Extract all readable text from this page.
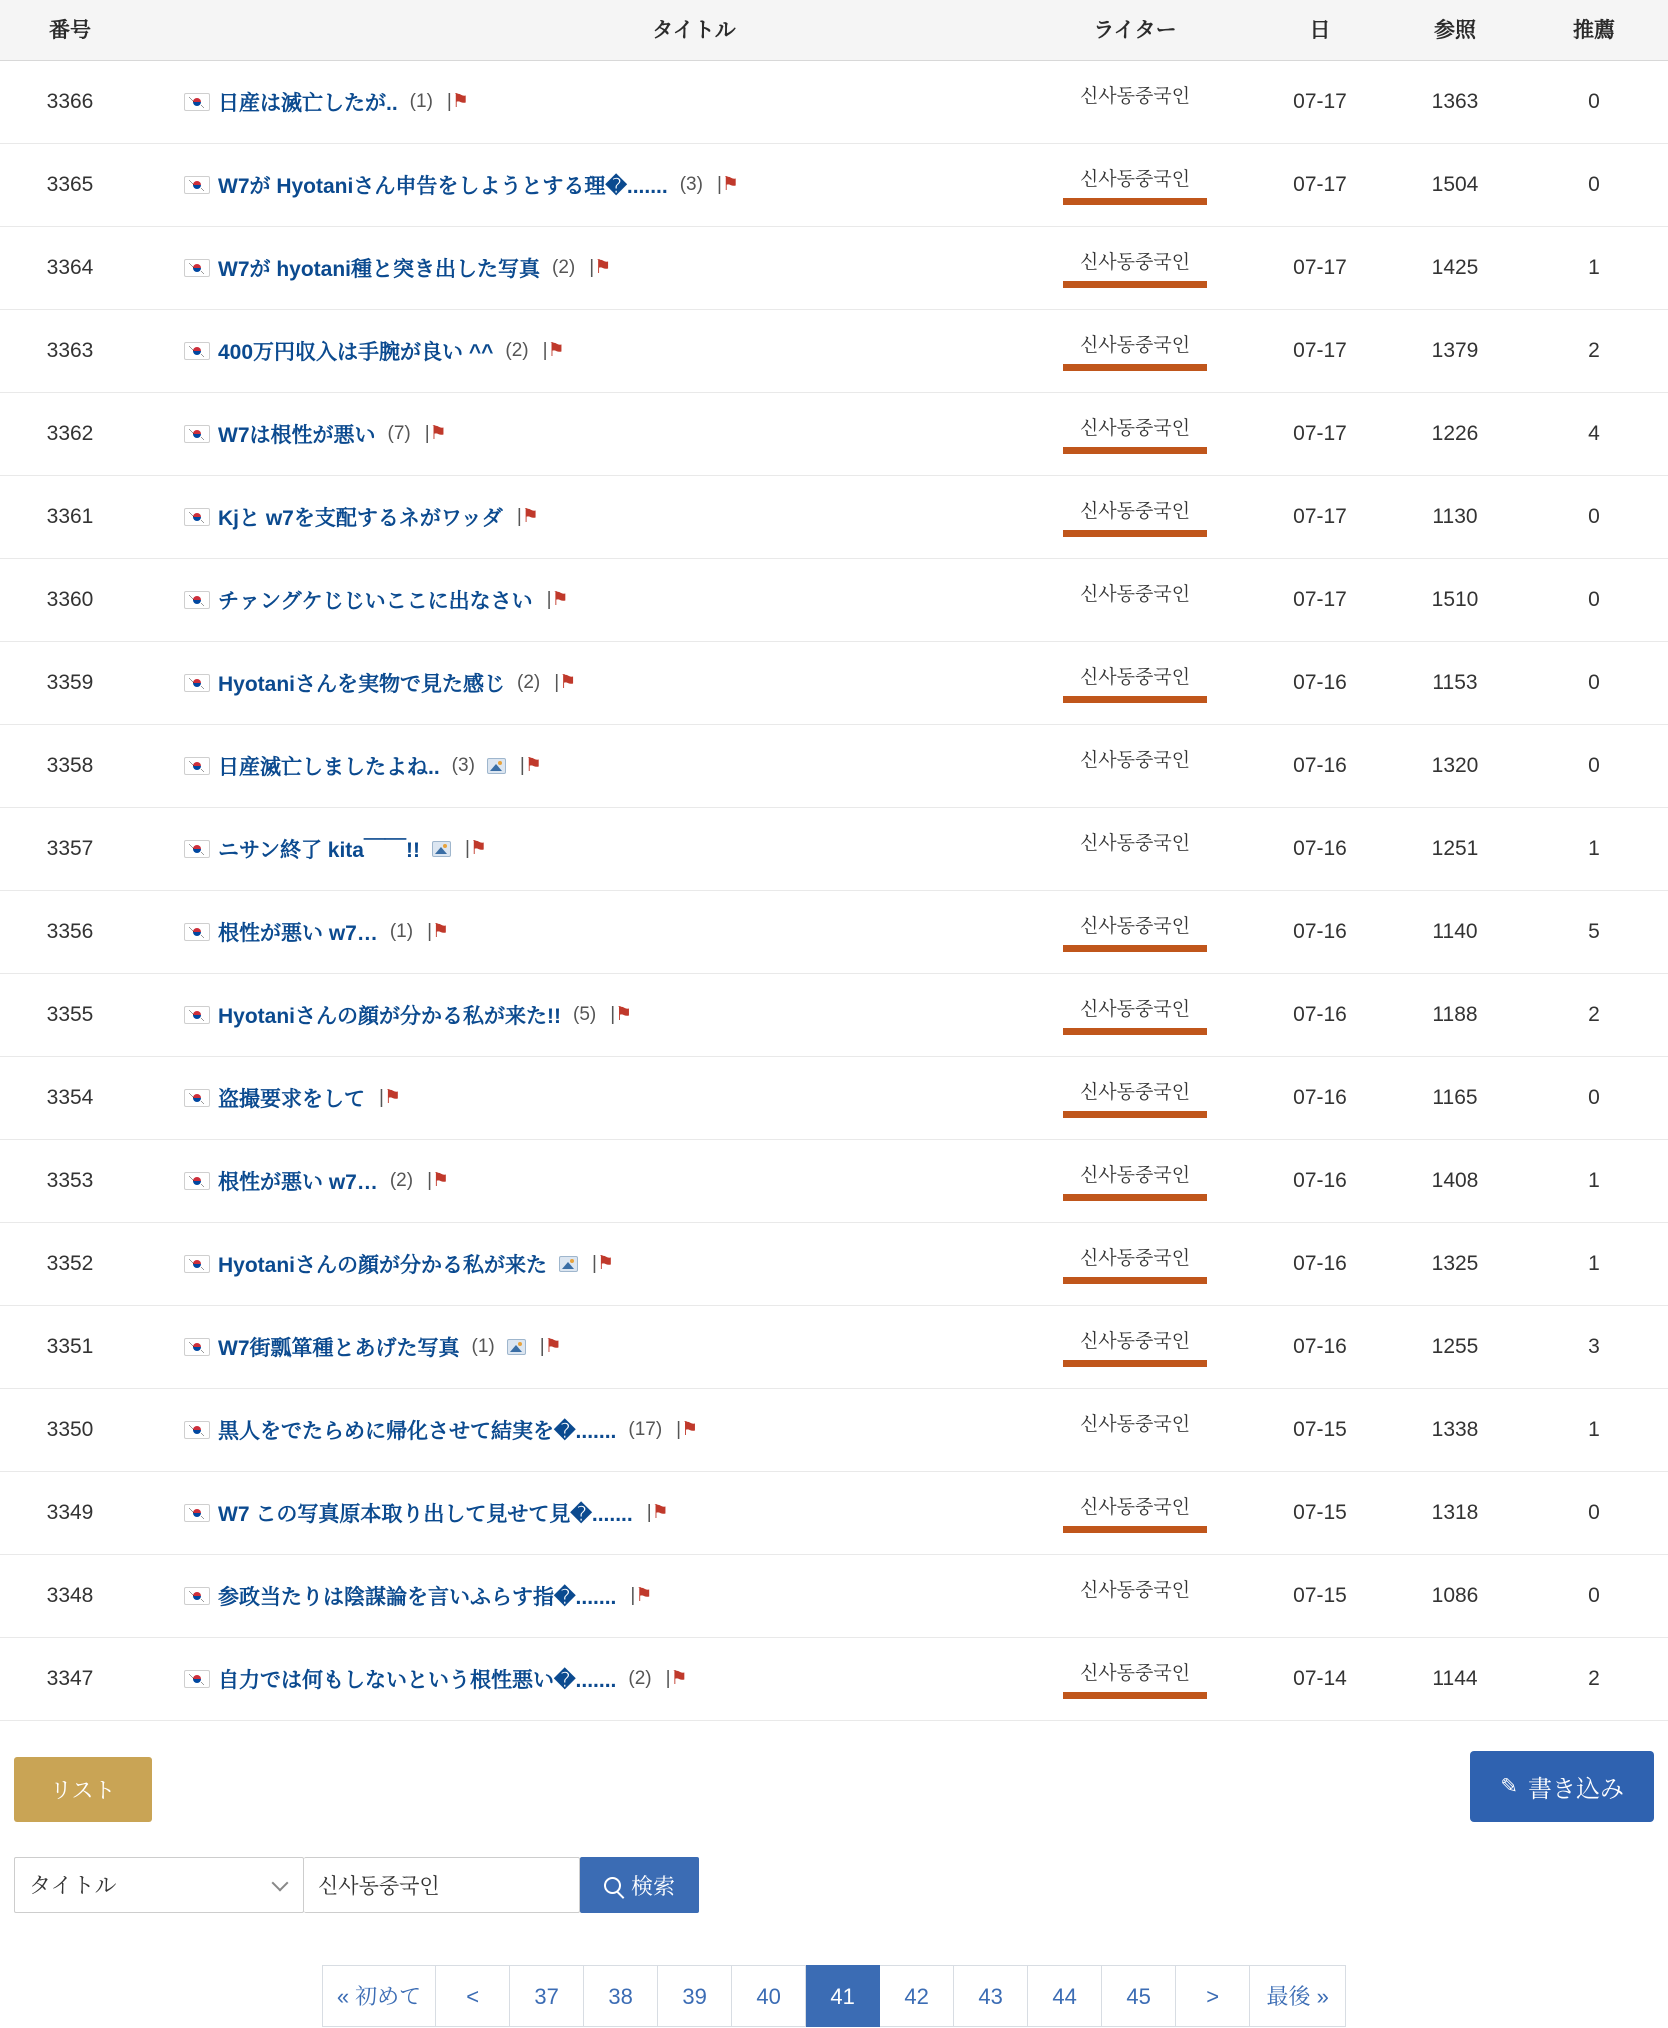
番号	タイトル	ライター	日	参照	推薦
3366	日産は滅亡したが.. (1) |⚑	신사동중국인	07-17	1363	0
3365	W7が Hyotaniさん申告をしようとする理�....... (3) |⚑	신사동중국인	07-17	1504	0
3364	W7が hyotani種と突き出した写真 (2) |⚑	신사동중국인	07-17	1425	1
3363	400万円収入は手腕が良い ^^ (2) |⚑	신사동중국인	07-17	1379	2
3362	W7は根性が悪い (7) |⚑	신사동중국인	07-17	1226	4
3361	Kjと w7を支配するネがワッダ |⚑	신사동중국인	07-17	1130	0
3360	チァングケじじいここに出なさい |⚑	신사동중국인	07-17	1510	0
3359	Hyotaniさんを実物で見た感じ (2) |⚑	신사동중국인	07-16	1153	0
3358	日産滅亡しましたよね.. (3) |⚑	신사동중국인	07-16	1320	0
3357	ニサン終了 kita￣￣!! |⚑	신사동중국인	07-16	1251	1
3356	根性が悪い w7… (1) |⚑	신사동중국인	07-16	1140	5
3355	Hyotaniさんの顔が分かる私が来た!! (5) |⚑	신사동중국인	07-16	1188	2
3354	盗撮要求をして |⚑	신사동중국인	07-16	1165	0
3353	根性が悪い w7… (2) |⚑	신사동중국인	07-16	1408	1
3352	Hyotaniさんの顔が分かる私が来た |⚑	신사동중국인	07-16	1325	1
3351	W7街瓢箪種とあげた写真 (1) |⚑	신사동중국인	07-16	1255	3
3350	黒人をでたらめに帰化させて結実を�....... (17) |⚑	신사동중국인	07-15	1338	1
3349	W7 この写真原本取り出して見せて見�....... |⚑	신사동중국인	07-15	1318	0
3348	参政当たりは陰謀論を言いふらす指�....... |⚑	신사동중국인	07-15	1086	0
3347	自力では何もしないという根性悪い�....... (2) |⚑	신사동중국인	07-14	1144	2
リスト	✎ 書き込み
タイトル
신사동중국인
検索
« 初めて	<	37	38	39	40	41	42	43	44	45	>	最後 »
